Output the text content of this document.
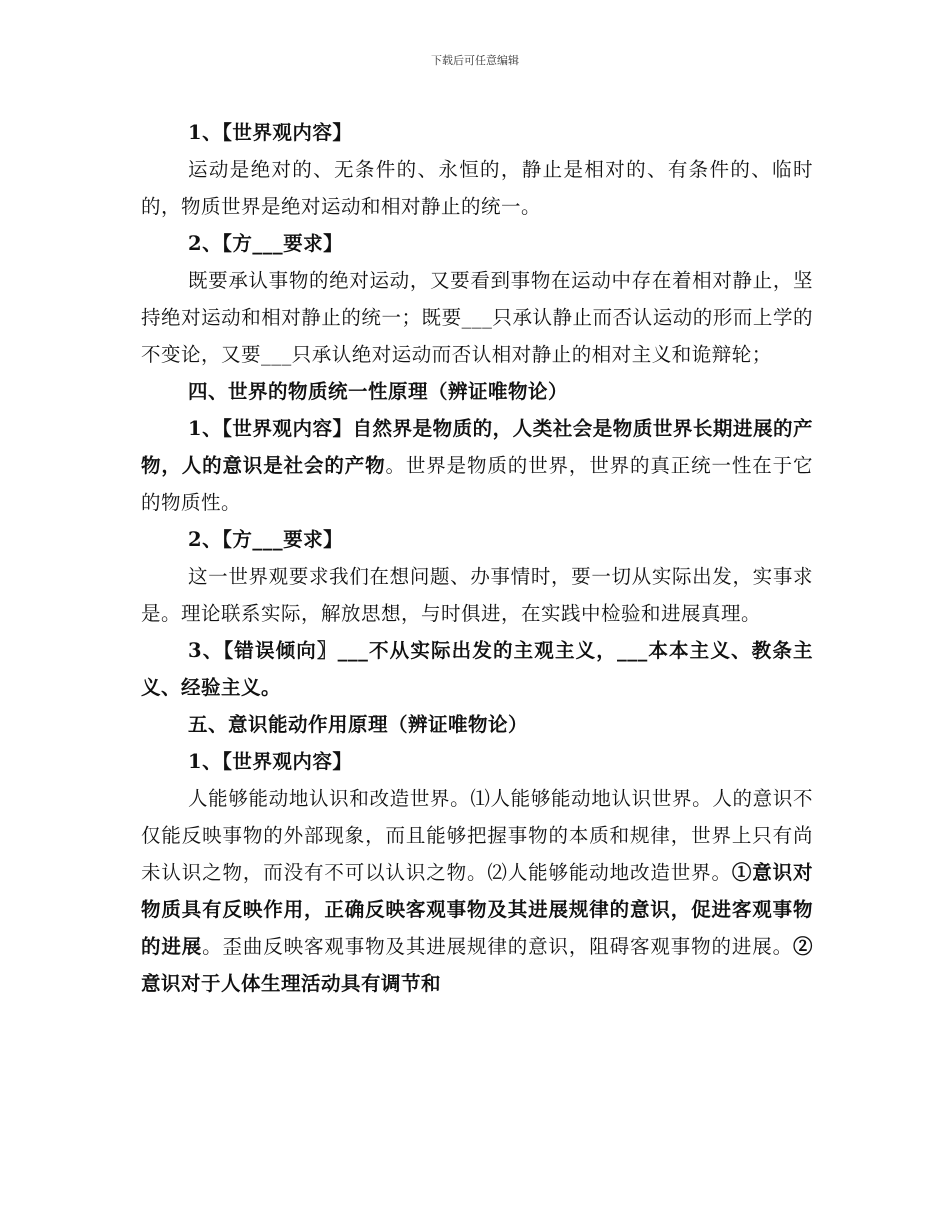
下载后可任意编辑

1、【世界观内容】

运动是绝对的、无条件的、永恒的，静止是相对的、有条件的、临时的，物质世界是绝对运动和相对静止的统一。

2、【方___要求】

既要承认事物的绝对运动，又要看到事物在运动中存在着相对静止，坚持绝对运动和相对静止的统一；既要___只承认静止而否认运动的形而上学的不变论，又要___只承认绝对运动而否认相对静止的相对主义和诡辩轮；

四、世界的物质统一性原理（辨证唯物论）

1、【世界观内容】自然界是物质的，人类社会是物质世界长期进展的产物，人的意识是社会的产物。世界是物质的世界，世界的真正统一性在于它的物质性。

2、【方___要求】

这一世界观要求我们在想问题、办事情时，要一切从实际出发，实事求是。理论联系实际，解放思想，与时俱进，在实践中检验和进展真理。

3、【错误倾向〗___不从实际出发的主观主义，___本本主义、教条主义、经验主义。

五、意识能动作用原理（辨证唯物论）

1、【世界观内容】

人能够能动地认识和改造世界。⑴人能够能动地认识世界。人的意识不仅能反映事物的外部现象，而且能够把握事物的本质和规律，世界上只有尚未认识之物，而没有不可以认识之物。⑵人能够能动地改造世界。①意识对物质具有反映作用，正确反映客观事物及其进展规律的意识，促进客观事物的进展。歪曲反映客观事物及其进展规律的意识，阻碍客观事物的进展。②意识对于人体生理活动具有调节和
